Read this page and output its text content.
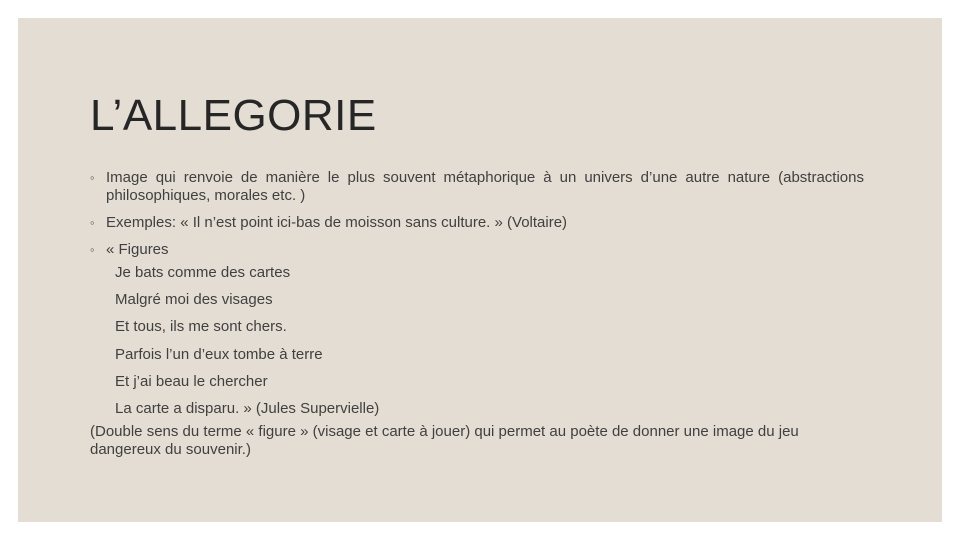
L’ALLEGORIE
◦ Image qui renvoie de manière le plus souvent métaphorique à un univers d’une autre nature (abstractions philosophiques, morales etc. )
◦ Exemples: « Il n’est point ici-bas de moisson sans culture. » (Voltaire)
◦ « Figures

Je bats comme des cartes

Malgré moi des visages

Et tous, ils me sont chers.

Parfois l’un d’eux tombe à terre

Et j’ai beau le chercher

La carte a disparu. » (Jules Supervielle)

(Double sens du terme « figure » (visage et carte à jouer) qui permet au poète de donner une image du jeu dangereux du souvenir.)
